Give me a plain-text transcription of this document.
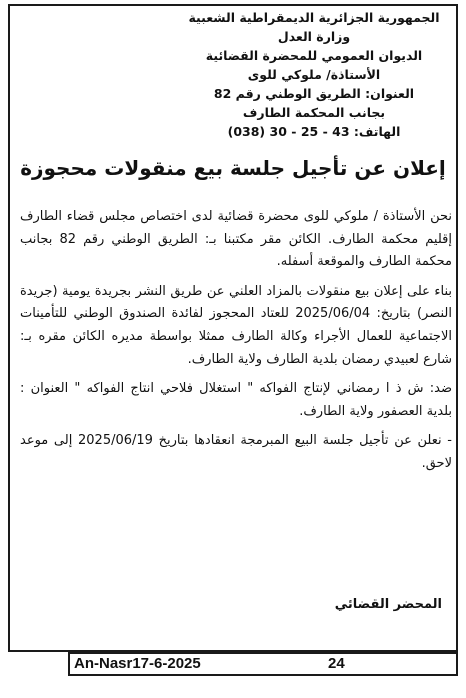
الجمهورية الجزائرية الديمقراطية الشعبية
وزارة العدل
الديوان العمومي للمحضرة القضائية
الأستاذة/ ملوكي للوى
العنوان: الطريق الوطني رقم 82
بجانب المحكمة الطارف
الهاتف: 43 - 25 - 30 (038)
إعلان عن تأجيل جلسة بيع منقولات محجوزة

نحن الأستاذة / ملوكي للوى محضرة قضائية لدى اختصاص مجلس قضاء الطارف إقليم محكمة الطارف. الكائن مقر مكتبنا بـ: الطريق الوطني رقم 82 بجانب محكمة الطارف والموقعة أسفله.

بناء على إعلان بيع منقولات بالمزاد العلني عن طريق النشر بجريدة يومية (جريدة النصر) بتاريخ: 2025/06/04 للعتاد المحجوز لفائدة الصندوق الوطني للتأمينات الاجتماعية للعمال الأجراء وكالة الطارف ممثلا بواسطة مديره الكائن مقره بـ: شارع لعبيدي رمضان بلدية الطارف ولاية الطارف.

ضد: ش ذ ا رمضاني لإنتاج الفواكه " استغلال فلاحي انتاج الفواكه " العنوان : بلدية العصفور ولاية الطارف.

- نعلن عن تأجيل جلسة البيع المبرمجة انعقادها بتاريخ 2025/06/19 إلى موعد لاحق.

المحضر القضائي
An-Nasr17-6-2025	24
